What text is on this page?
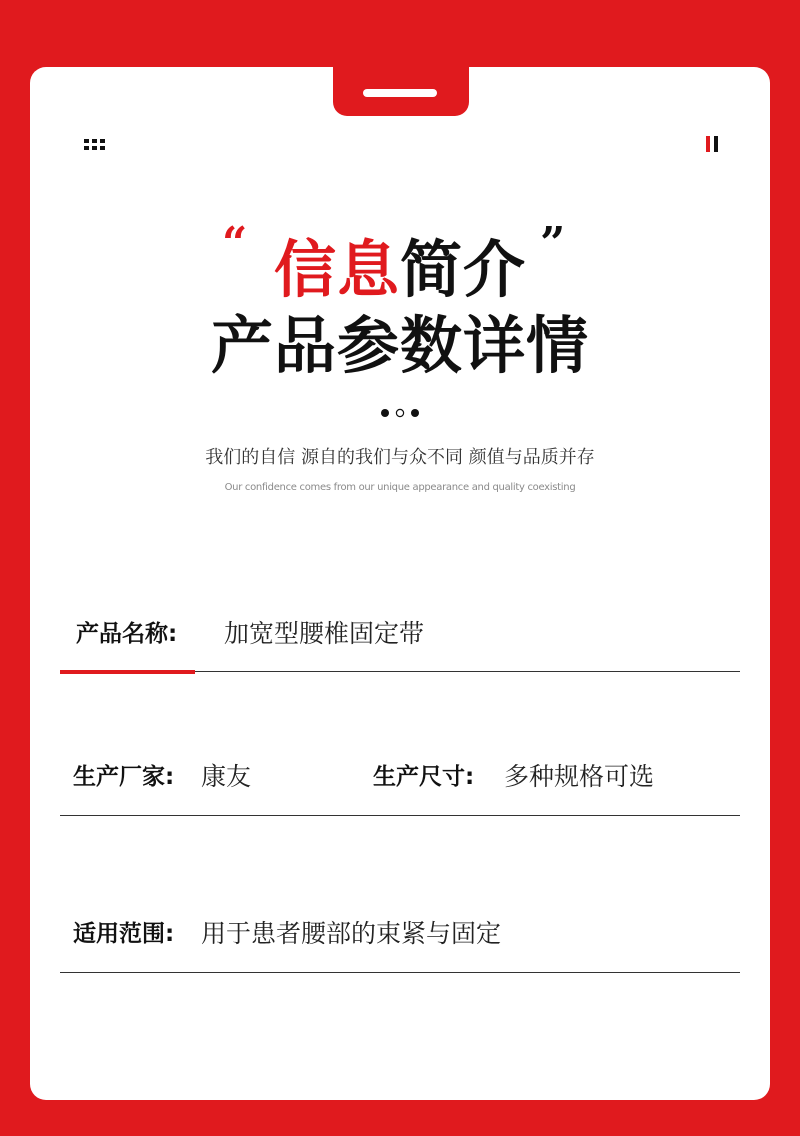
“	”
信息简介
产品参数详情
我们的自信 源自的我们与众不同 颜值与品质并存
Our confidence comes from our unique appearance and quality coexisting
产品名称: 加宽型腰椎固定带
生产厂家: 康友	生产尺寸: 多种规格可选
适用范围: 用于患者腰部的束紧与固定
